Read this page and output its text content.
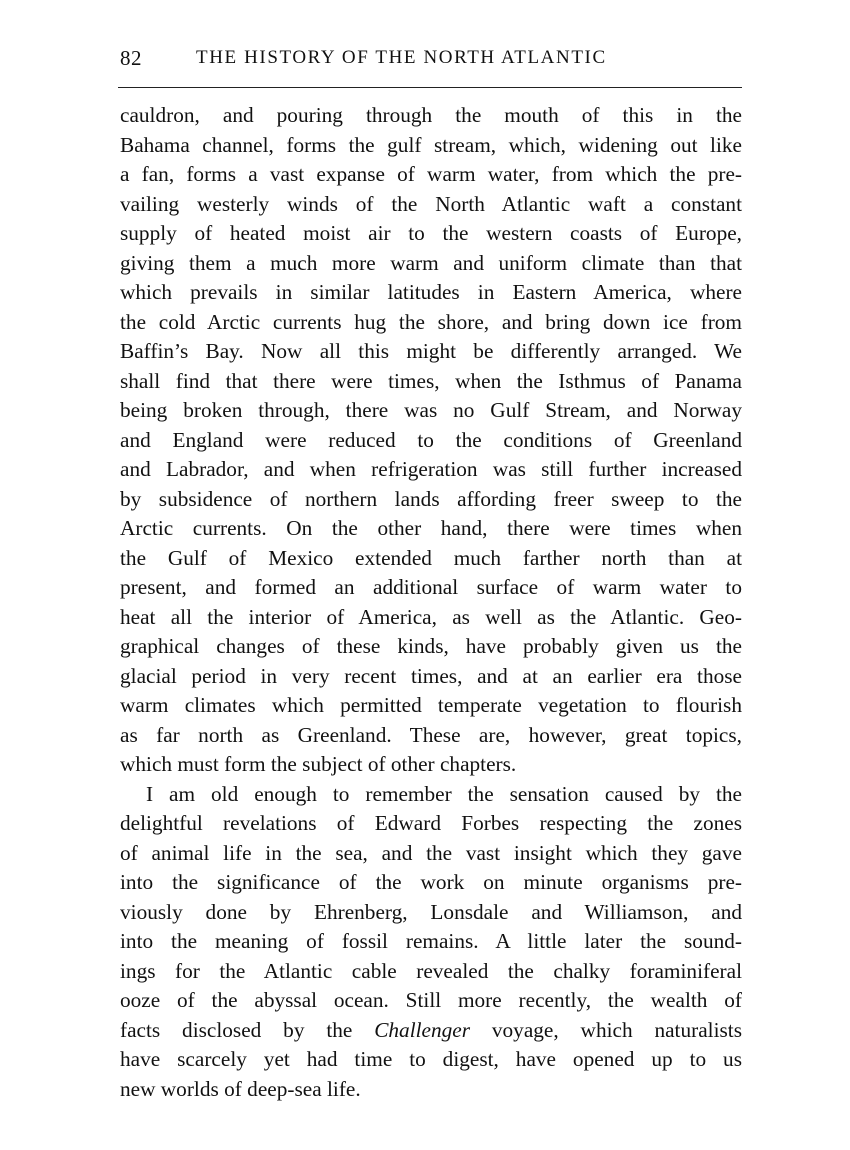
82	THE HISTORY OF THE NORTH ATLANTIC
cauldron, and pouring through the mouth of this in the
Bahama channel, forms the gulf stream, which, widening out like
a fan, forms a vast expanse of warm water, from which the pre-
vailing westerly winds of the North Atlantic waft a constant
supply of heated moist air to the western coasts of Europe,
giving them a much more warm and uniform climate than that
which prevails in similar latitudes in Eastern America, where
the cold Arctic currents hug the shore, and bring down ice from
Baffin’s Bay. Now all this might be differently arranged. We
shall find that there were times, when the Isthmus of Panama
being broken through, there was no Gulf Stream, and Norway
and England were reduced to the conditions of Greenland
and Labrador, and when refrigeration was still further increased
by subsidence of northern lands affording freer sweep to the
Arctic currents. On the other hand, there were times when
the Gulf of Mexico extended much farther north than at
present, and formed an additional surface of warm water to
heat all the interior of America, as well as the Atlantic. Geo-
graphical changes of these kinds, have probably given us the
glacial period in very recent times, and at an earlier era those
warm climates which permitted temperate vegetation to flourish
as far north as Greenland. These are, however, great topics,
which must form the subject of other chapters.
I am old enough to remember the sensation caused by the
delightful revelations of Edward Forbes respecting the zones
of animal life in the sea, and the vast insight which they gave
into the significance of the work on minute organisms pre-
viously done by Ehrenberg, Lonsdale and Williamson, and
into the meaning of fossil remains. A little later the sound-
ings for the Atlantic cable revealed the chalky foraminiferal
ooze of the abyssal ocean. Still more recently, the wealth of
facts disclosed by the Challenger voyage, which naturalists
have scarcely yet had time to digest, have opened up to us
new worlds of deep-sea life.
